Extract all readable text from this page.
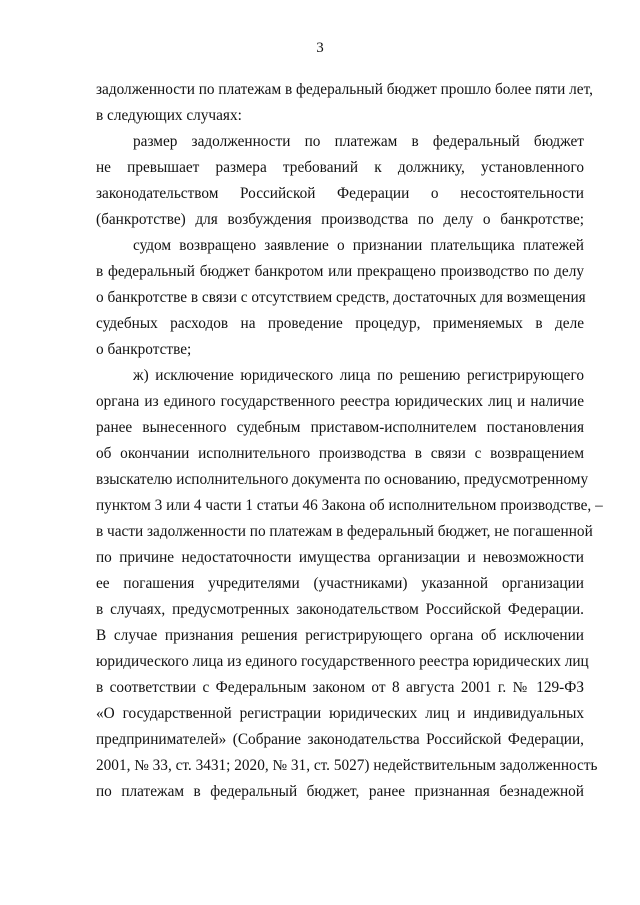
3
задолженности по платежам в федеральный бюджет прошло более пяти лет,
в следующих случаях:
размер задолженности по платежам в федеральный бюджет
не превышает размера требований к должнику, установленного
законодательством Российской Федерации о несостоятельности
(банкротстве) для возбуждения производства по делу о банкротстве;
судом возвращено заявление о признании плательщика платежей
в федеральный бюджет банкротом или прекращено производство по делу
о банкротстве в связи с отсутствием средств, достаточных для возмещения
судебных расходов на проведение процедур, применяемых в деле
о банкротстве;
ж) исключение юридического лица по решению регистрирующего
органа из единого государственного реестра юридических лиц и наличие
ранее вынесенного судебным приставом-исполнителем постановления
об окончании исполнительного производства в связи с возвращением
взыскателю исполнительного документа по основанию, предусмотренному
пунктом 3 или 4 части 1 статьи 46 Закона об исполнительном производстве, –
в части задолженности по платежам в федеральный бюджет, не погашенной
по причине недостаточности имущества организации и невозможности
ее погашения учредителями (участниками) указанной организации
в случаях, предусмотренных законодательством Российской Федерации.
В случае признания решения регистрирующего органа об исключении
юридического лица из единого государственного реестра юридических лиц
в соответствии с Федеральным законом от 8 августа 2001 г. № 129-ФЗ
«О государственной регистрации юридических лиц и индивидуальных
предпринимателей» (Собрание законодательства Российской Федерации,
2001, № 33, ст. 3431; 2020, № 31, ст. 5027) недействительным задолженность
по платежам в федеральный бюджет, ранее признанная безнадежной
